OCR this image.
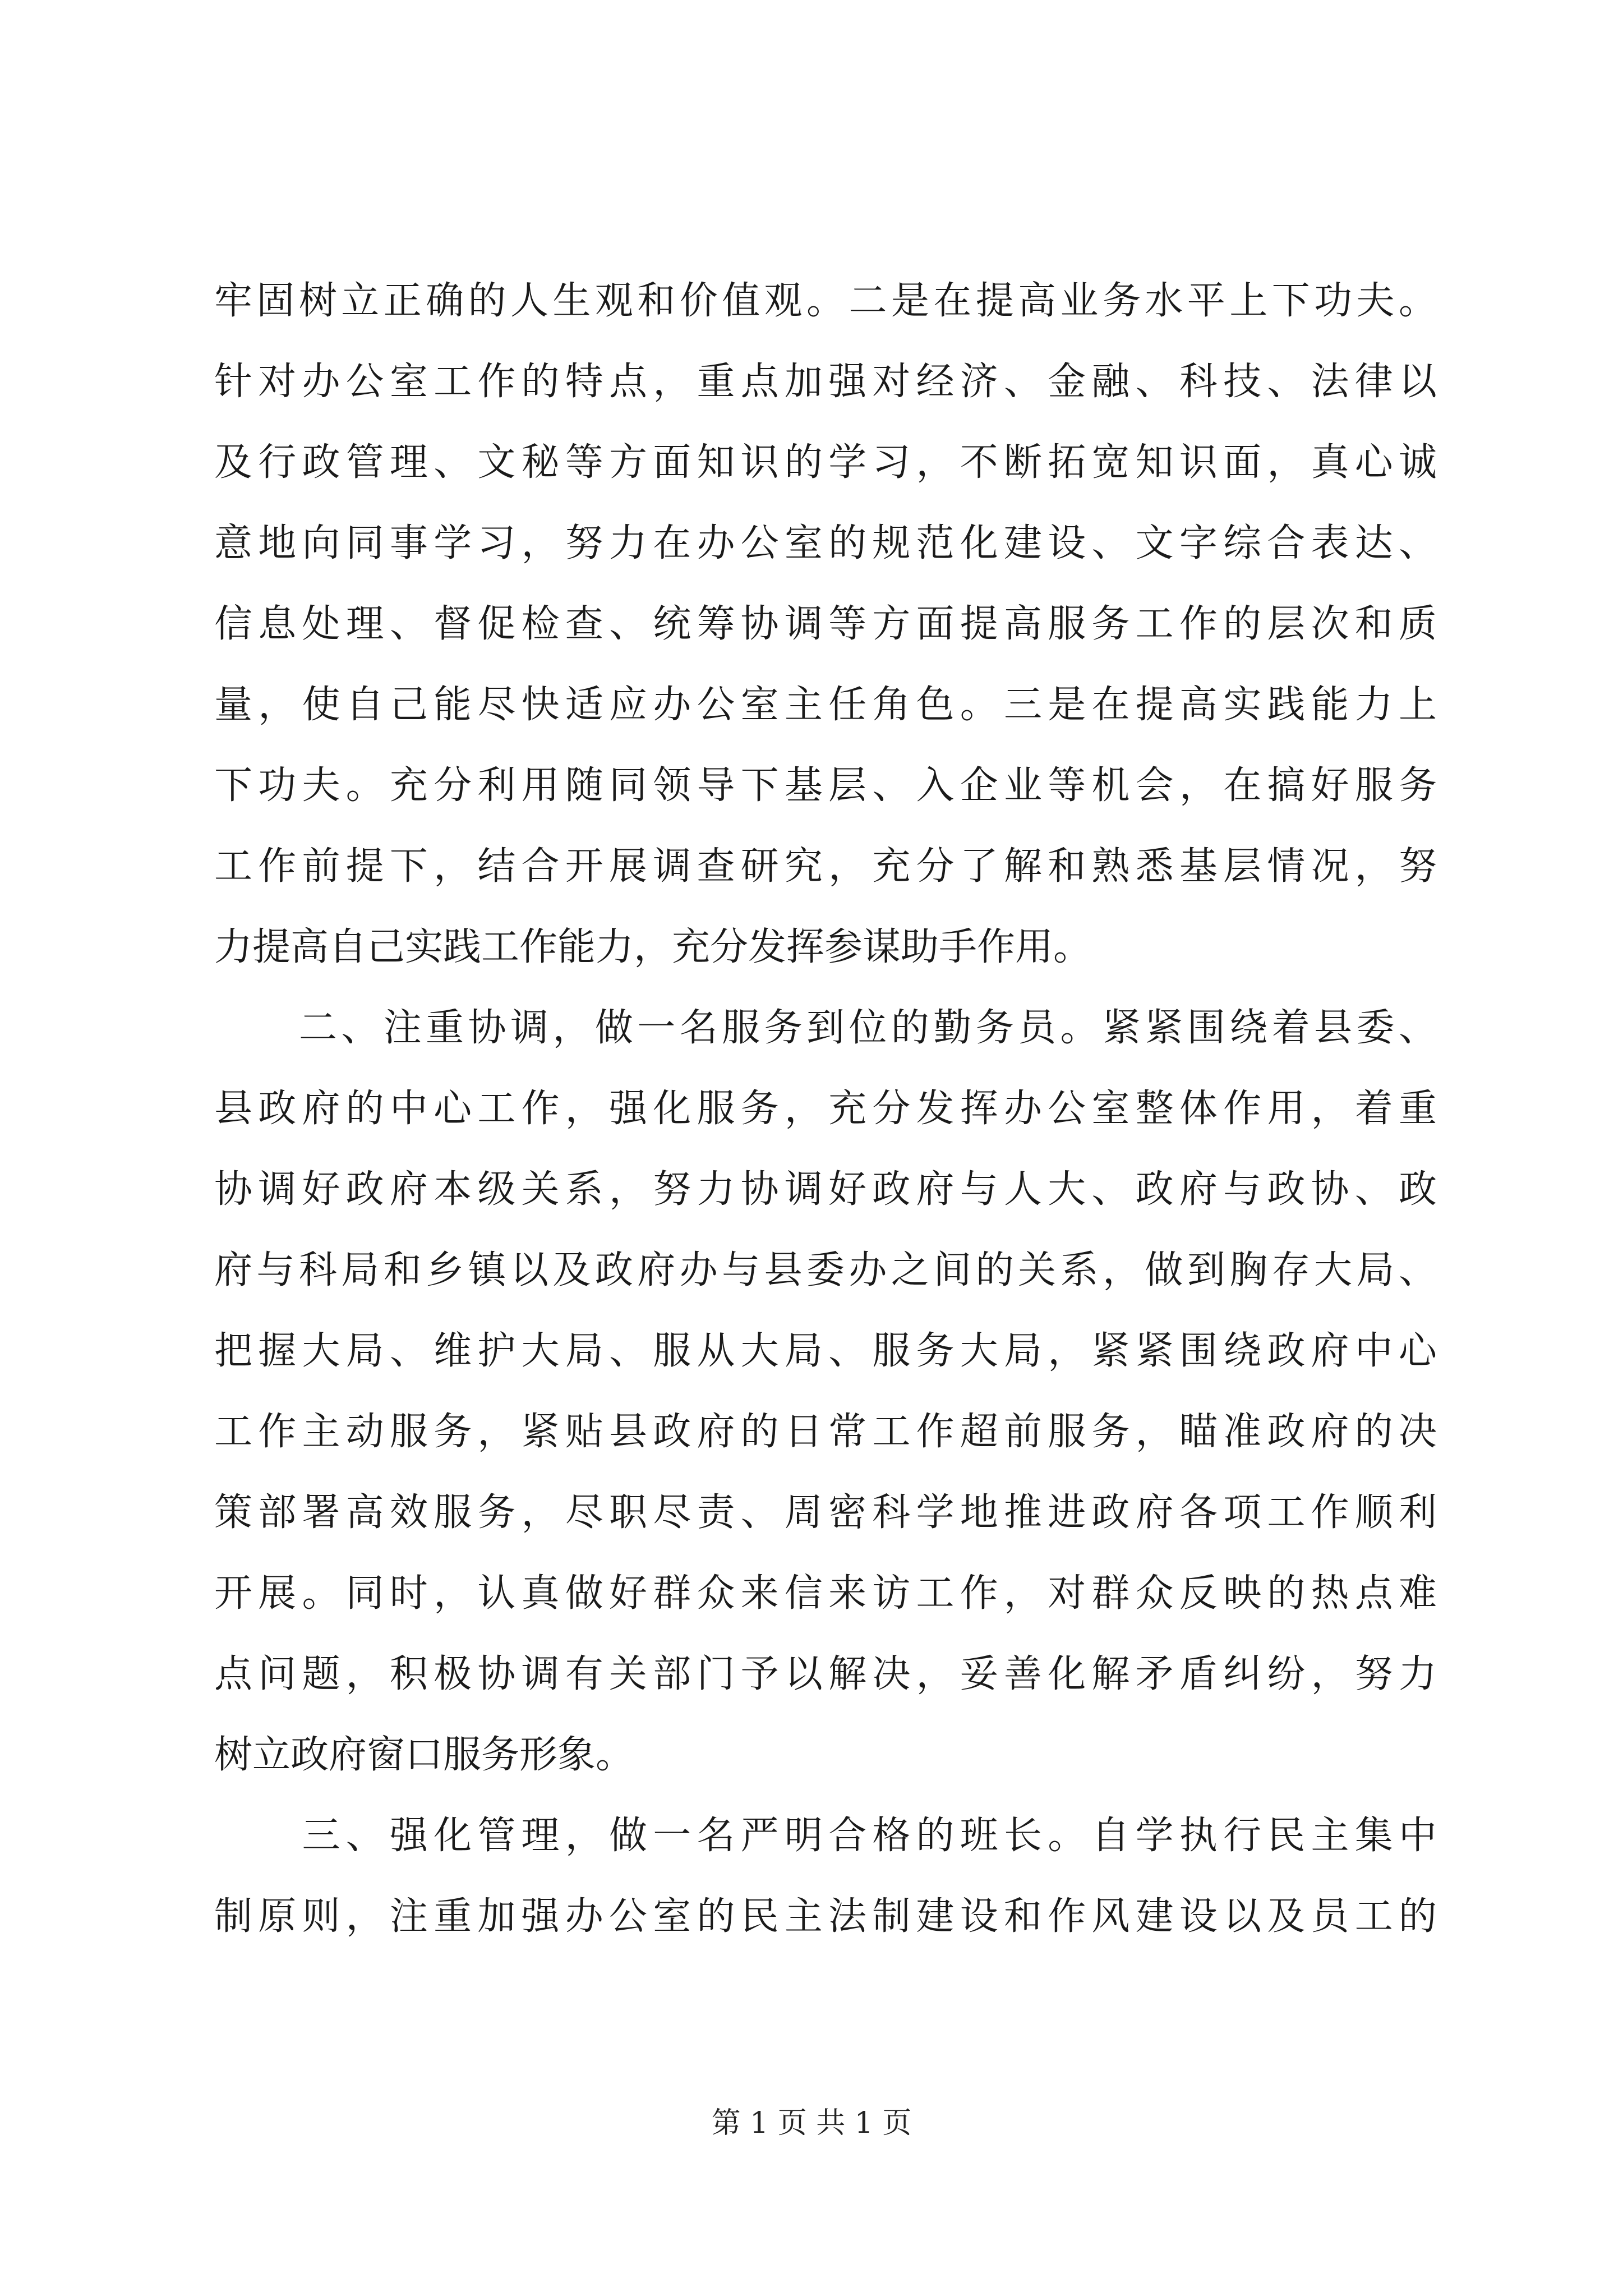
牢固树立正确的人生观和价值观。二是在提高业务水平上下功夫。
针对办公室工作的特点，重点加强对经济、金融、科技、法律以
及行政管理、文秘等方面知识的学习，不断拓宽知识面，真心诚
意地向同事学习，努力在办公室的规范化建设、文字综合表达、
信息处理、督促检查、统筹协调等方面提高服务工作的层次和质
量，使自己能尽快适应办公室主任角色。三是在提高实践能力上
下功夫。充分利用随同领导下基层、入企业等机会，在搞好服务
工作前提下，结合开展调查研究，充分了解和熟悉基层情况，努
力提高自己实践工作能力，充分发挥参谋助手作用。
　　二、注重协调，做一名服务到位的勤务员。紧紧围绕着县委、
县政府的中心工作，强化服务，充分发挥办公室整体作用，着重
协调好政府本级关系，努力协调好政府与人大、政府与政协、政
府与科局和乡镇以及政府办与县委办之间的关系，做到胸存大局、
把握大局、维护大局、服从大局、服务大局，紧紧围绕政府中心
工作主动服务，紧贴县政府的日常工作超前服务，瞄准政府的决
策部署高效服务，尽职尽责、周密科学地推进政府各项工作顺利
开展。同时，认真做好群众来信来访工作，对群众反映的热点难
点问题，积极协调有关部门予以解决，妥善化解矛盾纠纷，努力
树立政府窗口服务形象。
　　三、强化管理，做一名严明合格的班长。自学执行民主集中
制原则，注重加强办公室的民主法制建设和作风建设以及员工的
第 1 页 共 1 页
